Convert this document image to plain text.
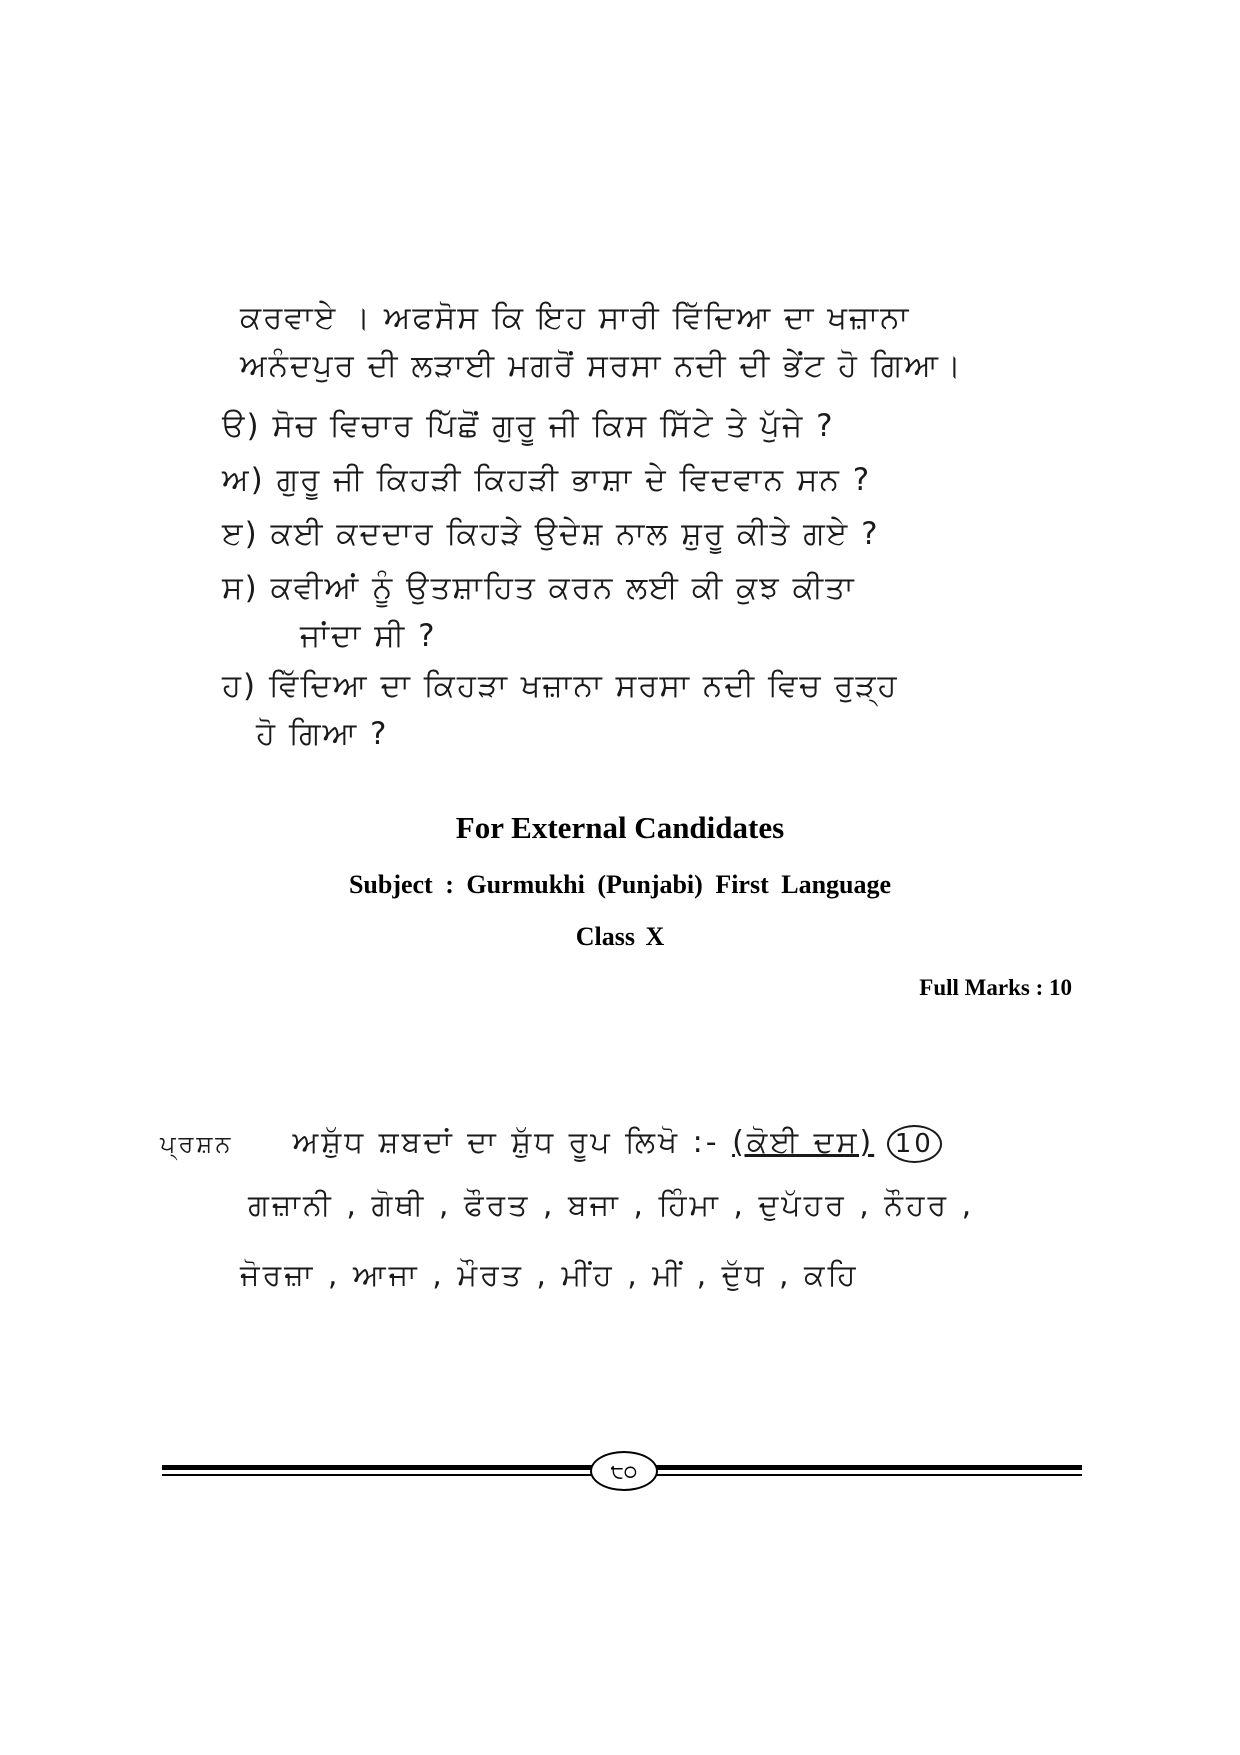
ਕਰਵਾਏ । ਅਫਸੋਸ ਕਿ ਇਹ ਸਾਰੀ ਵਿੱਦਿਆ ਦਾ ਖਜ਼ਾਨਾ
ਅਨੰਦਪੁਰ ਦੀ ਲੜਾਈ ਮਗਰੋਂ ਸਰਸਾ ਨਦੀ ਦੀ ਭੇਂਟ ਹੋ ਗਿਆ।
ੳ) ਸੋਚ ਵਿਚਾਰ ਪਿੱਛੋਂ ਗੁਰੂ ਜੀ ਕਿਸ ਸਿੱਟੇ ਤੇ ਪੁੱਜੇ ?
ਅ) ਗੁਰੂ ਜੀ ਕਿਹੜੀ ਕਿਹੜੀ ਭਾਸ਼ਾ ਦੇ ਵਿਦਵਾਨ ਸਨ ?
ੲ) ਕਈ ਕਦਦਾਰ ਕਿਹੜੇ ਉਦੇਸ਼ ਨਾਲ ਸ਼ੁਰੂ ਕੀਤੇ ਗਏ ?
ਸ) ਕਵੀਆਂ ਨੂੰ ਉਤਸ਼ਾਹਿਤ ਕਰਨ ਲਈ ਕੀ ਕੁਝ ਕੀਤਾ
ਜਾਂਦਾ ਸੀ ?
ਹ) ਵਿੱਦਿਆ ਦਾ ਕਿਹੜਾ ਖਜ਼ਾਨਾ ਸਰਸਾ ਨਦੀ ਵਿਚ ਰੁੜ੍ਹ
ਹੋ ਗਿਆ ?
For External Candidates
Subject : Gurmukhi (Punjabi) First Language
Class X
Full Marks : 10
ਪ੍ਰਸ਼ਨ ਅਸ਼ੁੱਧ ਸ਼ਬਦਾਂ ਦਾ ਸ਼ੁੱਧ ਰੂਪ ਲਿਖੋ :- (ਕੋਈ ਦਸ) 10
ਗਜ਼ਾਨੀ , ਗੋਥੀ , ਫੌਰਤ , ਬਜਾ , ਹਿੰਮਾ , ਦੁਪੱਹਰ , ਨੌਹਰ ,
ਜੋਰਜ਼ਾ , ਆਜਾ , ਮੌਰਤ , ਮੀਂਹ , ਮੀਂ , ਦੁੱਧ , ਕਹਿ
੮੦
